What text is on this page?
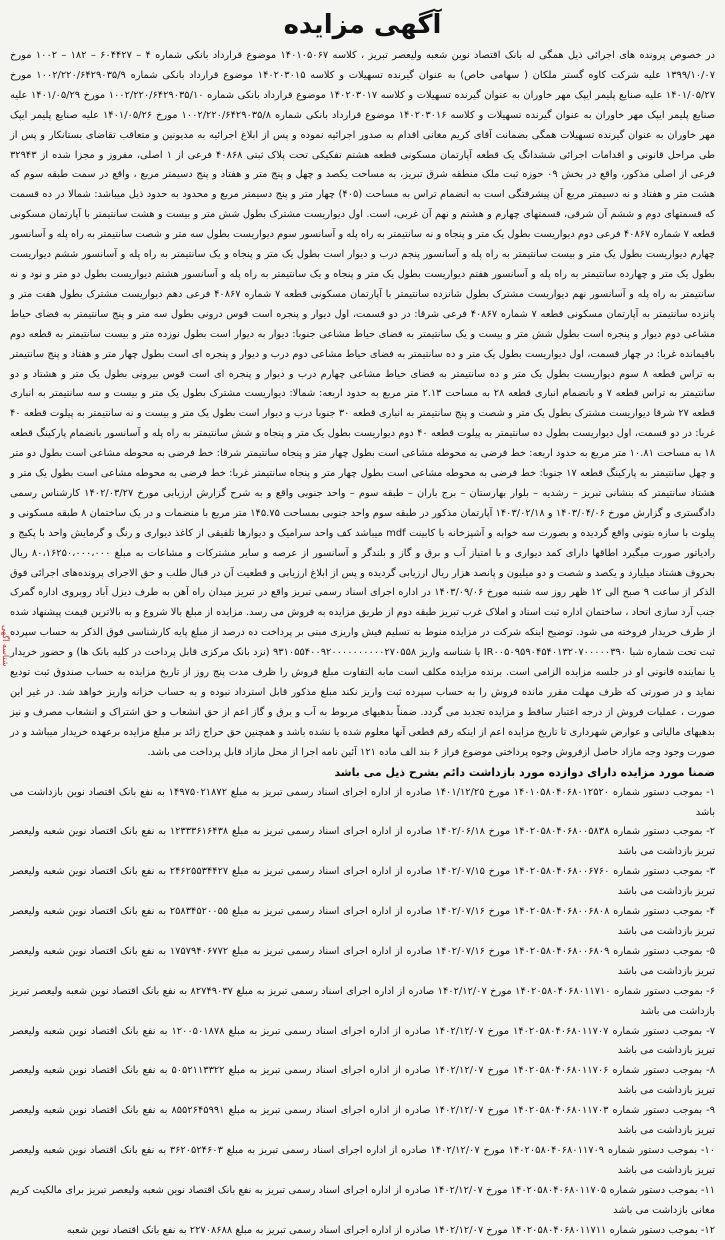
آگهی مزایده

در خصوص پرونده های اجرائی ذیل همگی له بانک اقتصاد نوین شعبه ولیعصر تبریز ، کلاسه ۱۴۰۱۰۵۰۶۷ موضوع قرارداد بانکی شماره ۴ – ۶۰۴۴۲۷ – ۱۸۲ – ۱۰۰۲ مورخ ۱۳۹۹/۱۰/۰۷ علیه شرکت کاوه گستر ملکان ( سهامی خاص) به عنوان گیرنده تسهیلات و کلاسه ۱۴۰۲۰۳۰۱۵ موضوع قرارداد بانکی شماره ۱۰۰۲/۲۲۰/۶۴۲۹۰۳۵/۹ مورخ ۱۴۰۱/۰۵/۲۷ علیه صنایع پلیمر ایپک مهر خاوران به عنوان گیرنده تسهیلات و کلاسه ۱۴۰۲۰۳۰۱۷ موضوع قرارداد بانکی شماره ۱۰۰۲/۲۲۰/۶۴۲۹۰۳۵/۱۰ مورخ ۱۴۰۱/۰۵/۲۹ علیه صنایع پلیمر ایپک مهر خاوران به عنوان گیرنده تسهیلات و کلاسه ۱۴۰۲۰۳۰۱۶ موضوع قرارداد بانکی شماره ۱۰۰۲/۲۲۰/۶۴۲۹۰۳۵/۸ مورخ ۱۴۰۱/۰۵/۲۶ علیه صنایع پلیمر ایپک مهر خاوران به عنوان گیرنده تسهیلات همگی بضمانت آقای کریم مغانی اقدام به صدور اجرائیه نموده و پس از ابلاغ اجرائیه به مدیونین و متعاقب تقاضای بستانکار و پس از طی مراحل قانونی و اقدامات اجرائی ششدانگ یک قطعه آپارتمان مسکونی قطعه هشتم تفکیکی تحت پلاک ثبتی ۴۰۸۶۸ فرعی از ۱ اصلی، مفروز و مجزا شده از ۳۲۹۴۳ فرعی از اصلی مذکور، واقع در بخش ۰۹ حوزه ثبت ملک منطقه شرق تبریز، به مساحت یکصد و چهل و پنج متر و هفتاد و پنج دسیمتر مربع ، واقع در سمت طبقه سوم که هشت متر و هفتاد و نه دسیمتر مربع آن پیشرفتگی است به انضمام تراس به مساحت (۴۰۵) چهار متر و پنج دسیمتر مربع و محدود به حدود ذیل میباشد: شمالا در ده قسمت که قسمتهای دوم و ششم آن شرقی، قسمتهای چهارم و هشتم و نهم آن غربی، است. اول دیواریست مشترک بطول شش متر و بیست و هشت سانتیمتر با آپارتمان مسکونی قطعه ۷ شماره ۴۰۸۶۷ فرعی دوم دیواریست بطول یک متر و پنجاه و نه سانتیمتر به راه پله و آسانسور سوم دیواریست بطول سه متر و شصت سانتیمتر به راه پله و آسانسور چهارم دیواریست بطول یک متر و بیست سانتیمتر به راه پله و آسانسور پنجم درب و دیوار است بطول یک متر و پنجاه و یک سانتیمتر به راه پله و آسانسور ششم دیواریست بطول یک متر و چهارده سانتیمتر به راه پله و آسانسور هفتم دیواریست بطول یک متر و پنجاه و یک سانتیمتر به راه پله و آسانسور هشتم دیواریست بطول دو متر و نود و نه سانتیمتر به راه پله و آسانسور نهم دیواریست مشترک بطول شانزده سانتیمتر با آپارتمان مسکونی قطعه ۷ شماره ۴۰۸۶۷ فرعی دهم دیواریست مشترک بطول هفت متر و پانزده سانتیمتر به آپارتمان مسکونی قطعه ۷ شماره ۴۰۸۶۷ فرعی شرقا: در دو قسمت، اول دیوار و پنجره است قوس درونی بطول سه متر و پنج سانتیمتر به فضای حیاط مشاعی دوم دیوار و پنجره است بطول شش متر و بیست و یک سانتیمتر به فضای حیاط مشاعی جنوبا: دیوار به دیوار است بطول نوزده متر و بیست سانتیمتر به قطعه دوم باقیمانده غربا: در چهار قسمت، اول دیواریست بطول یک متر و ده سانتیمتر به فضای حیاط مشاعی دوم درب و دیوار و پنجره ای است بطول چهار متر و هفتاد و پنج سانتیمتر به تراس قطعه ۸ سوم دیواریست بطول یک متر و ده سانتیمتر به فضای حیاط مشاعی چهارم درب و دیوار و پنجره ای است قوس بیرونی بطول یک متر و هشتاد و دو سانتیمتر به تراس قطعه ۷ و بانضمام انباری قطعه ۲۸ به مساحت ۲.۱۳ متر مربع به حدود اربعه: شمالا: دیواریست مشترک بطول یک متر و بیست و سه سانتیمتر به انباری قطعه ۲۷ شرقا دیواریست مشترک بطول یک متر و شصت و پنج سانتیمتر به انباری قطعه ۳۰ جنوبا درب و دیوار است بطول یک متر و بیست و نه سانتیمتر به پیلوت قطعه ۴۰ غربا: در دو قسمت، اول دیواریست بطول ده سانتیمتر به پیلوت قطعه ۴۰ دوم دیواریست بطول یک متر و پنجاه و شش سانتیمتر به راه پله و آسانسور بانضمام پارکینگ قطعه ۱۸ به مساحت ۱۰.۸۱ متر مربع به حدود اربعه: خط فرضی به محوطه مشاعی است بطول چهار متر و پنجاه سانتیمتر شرقا: خط فرضی به محوطه مشاعی است بطول دو متر و چهل سانتیمتر به پارکینگ قطعه ۱۷ جنوبا: خط فرضی به محوطه مشاعی است بطول چهار متر و پنجاه سانتیمتر غربا: خط فرضی به محوطه مشاعی است بطول یک متر و هشتاد سانتیمتر که بنشانی تبریز – رشدیه – بلوار بهارستان – برج باران – طبقه سوم – واحد جنوبی واقع و به شرح گزارش ارزیابی مورخ ۱۴۰۲/۰۳/۲۷ کارشناس رسمی دادگستری و گزارش مورخ ۱۴۰۳/۰۴/۰۶ و ۱۴۰۳/۰۲/۱۸ آپارتمان مذکور در طبقه سوم واحد جنوبی بمساحت ۱۴۵.۷۵ متر مربع با منضمات و در یک ساختمان ۸ طبقه مسکونی و پیلوت با سازه بتونی واقع گردیده و بصورت سه خوابه و آشپزخانه با کابینت mdf میباشد کف واحد سرامیک و دیوارها تلفیقی از کاغذ دیواری و رنگ و گرمایش واحد با پکیج و رادیاتور صورت میگیرد اطاقها دارای کمد دیواری و با امتیاز آب و برق و گاز و بلندگر و آسانسور از عرصه و سایر مشترکات و مشاعات به مبلغ ۸۰،۱۶۲۵۰،۰۰۰،۰۰۰ ریال بحروف هشتاد میلیارد و یکصد و شصت و دو میلیون و پانصد هزار ریال ارزیابی گردیده و پس از ابلاغ ارزیابی و قطعیت آن در قبال طلب و حق الاجرای پرونده‌های اجرائی فوق الذکر از ساعت ۹ صبح الی ۱۲ ظهر روز سه شنبه مورخ ۱۴۰۳/۰۹/۰۶ در اداره اجرای اسناد رسمی تبریز واقع در تبریز میدان راه آهن به طرف دیزل آباد روبروی اداره گمرک جنب آرد سازی اتحاد ، ساختمان اداره ثبت اسناد و املاک غرب تبریز طبقه دوم از طریق مزایده به فروش می رسد. مزایده از مبلغ بالا شروع و به بالاترین قیمت پیشنهاد شده از طرف خریدار فروخته می شود. توضیح اینکه شرکت در مزایده منوط به تسلیم فیش واریزی مبنی بر پرداخت ده درصد از مبلغ پایه کارشناسی فوق الذکر به حساب سپرده ثبت تحت شماره شبا IR۰۰۵۰۹۵۹۰۴۵۴۰۱۳۲۰۷۰۰۰۰۰۳۹۰ یا شناسه واریز ۹۳۱۰۵۵۴۰۰۹۲۰۰۰۰۰۰۰۰۰۰۲۷۰۵۵۸ (نزد بانک مرکزی قابل پرداخت در کلیه بانک ها) و حضور خریدار یا نماینده قانونی او در جلسه مزایده الزامی است. برنده مزایده مکلف است مابه التفاوت مبلغ فروش را ظرف مدت پنج روز از تاریخ مزایده به حساب صندوق ثبت تودیع نماید و در صورتی که ظرف مهلت مقرر مانده فروش را به حساب سپرده ثبت واریز نکند مبلغ مذکور قابل استرداد نبوده و به حساب خزانه واریز خواهد شد. در غیر این صورت ، عملیات فروش از درجه اعتبار ساقط و مزایده تجدید می گردد. ضمناً بدهیهای مربوط به آب و برق و گاز اعم از حق انشعاب و حق اشتراک و انشعاب مصرف و نیز بدهیهای مالیاتی و عوارض شهرداری تا تاریخ مزایده اعم از اینکه رقم قطعی آنها معلوم شده یا نشده باشد و همچنین حق حراج زائد بر مبلغ مزایده برعهده خریدار میباشد و در صورت وجود وجه مازاد حاصل ازفروش وجوه پرداختی موضوع فراز ۶ بند الف ماده ۱۲۱ آئین نامه اجرا از محل مازاد قابل پرداخت می باشد.

ضمنا مورد مزایده دارای دوازده مورد بازداشت دائم بشرح ذیل می باشد

۱- بموجب دستور شماره ۱۴۰۱۰۵۸۰۴۰۶۸۰۱۲۵۲۰ مورخ ۱۴۰۱/۱۲/۲۵ صادره از اداره اجرای اسناد رسمی تبریز به مبلغ ۱۴۹۷۵۰۲۱۸۷۲ به نفع بانک اقتصاد نوین بازداشت می باشد

۲- بموجب دستور شماره ۱۴۰۲۰۵۸۰۴۰۶۸۰۰۵۸۳۸ مورخ ۱۴۰۲/۰۶/۱۸ صادره از اداره اجرای اسناد رسمی تبریز به مبلغ ۱۲۳۳۳۶۱۶۴۳۸ به نفع بانک اقتصاد نوین شعبه ولیعصر تبریز بازداشت می باشد

۳- بموجب دستور شماره ۱۴۰۲۰۵۸۰۴۰۶۸۰۰۶۷۶۰ مورخ ۱۴۰۲/۰۷/۱۵ صادره از اداره اجرای اسناد رسمی تبریز به مبلغ ۲۴۶۲۵۵۳۴۴۲۷ به نفع بانک اقتصاد نوین شعبه ولیعصر تبریز بازداشت می باشد

۴- بموجب دستور شماره ۱۴۰۲۰۵۸۰۴۰۶۸۰۰۶۸۰۸ مورخ ۱۴۰۲/۰۷/۱۶ صادره از اداره اجرای اسناد رسمی تبریز به مبلغ ۲۵۸۳۴۵۲۰۰۵۵ به نفع بانک اقتصاد نوین شعبه ولیعصر تبریز بازداشت می باشد

۵- بموجب دستور شماره ۱۴۰۲۰۵۸۰۴۰۶۸۰۰۶۸۰۹ مورخ ۱۴۰۲/۰۷/۱۶ صادره از اداره اجرای اسناد رسمی تبریز به مبلغ ۱۷۵۷۹۴۰۶۷۷۲ به نفع بانک اقتصاد نوین شعبه ولیعصر تبریز بازداشت می باشد

۶- بموجب دستور شماره ۱۴۰۲۰۵۸۰۴۰۶۸۰۱۱۷۱۰ مورخ ۱۴۰۲/۱۲/۰۷ صادره از اداره اجرای اسناد رسمی تبریز به مبلغ ۸۲۷۴۹۰۳۷ به نفع بانک اقتصاد نوین شعبه ولیعصر تبریز بازداشت می باشد

۷- بموجب دستور شماره ۱۴۰۲۰۵۸۰۴۰۶۸۰۱۱۷۰۷ مورخ ۱۴۰۲/۱۲/۰۷ صادره از اداره اجرای اسناد رسمی تبریز به مبلغ ۱۲۰۰۵۰۱۸۷۸ به نفع بانک اقتصاد نوین شعبه ولیعصر تبریز بازداشت می باشد

۸- بموجب دستور شماره ۱۴۰۲۰۵۸۰۴۰۶۸۰۱۱۷۰۶ مورخ ۱۴۰۲/۱۲/۰۷ صادره از اداره اجرای اسناد رسمی تبریز به مبلغ ۵۰۵۲۱۱۳۳۲۲ به نفع بانک اقتصاد نوین شعبه ولیعصر تبریز بازداشت می باشد

۹- بموجب دستور شماره ۱۴۰۲۰۵۸۰۴۰۶۸۰۱۱۷۰۳ مورخ ۱۴۰۲/۱۲/۰۷ صادره از اداره اجرای اسناد رسمی تبریز به مبلغ ۸۵۵۲۶۴۵۹۹۱ به نفع بانک اقتصاد نوین شعبه ولیعصر تبریز بازداشت می باشد

۱۰- بموجب دستور شماره ۱۴۰۲۰۵۸۰۴۰۶۸۰۱۱۷۰۹ مورخ ۱۴۰۲/۱۲/۰۷ صادره از اداره اجرای اسناد رسمی تبریز به مبلغ ۳۶۲۰۵۲۴۶۰۳ به نفع بانک اقتصاد نوین شعبه ولیعصر تبریز بازداشت می باشد

۱۱- بموجب دستور شماره ۱۴۰۲۰۵۸۰۴۰۶۸۰۱۱۷۰۵ مورخ ۱۴۰۲/۱۲/۰۷ صادره از اداره اجرای اسناد رسمی تبریز به نفع بانک اقتصاد نوین شعبه ولیعصر تبریز برای مالکیت کریم مغانی بازداشت می باشد

۱۲- بموجب دستور شماره ۱۴۰۲۰۵۸۰۴۰۶۸۰۱۱۷۱۱ مورخ ۱۴۰۲/۱۲/۰۷ صادره از اداره اجرای اسناد رسمی تبریز به مبلغ ۲۲۷۰۸۶۸۸ به نفع بانک اقتصاد نوین شعبه

شناسه آگهی
